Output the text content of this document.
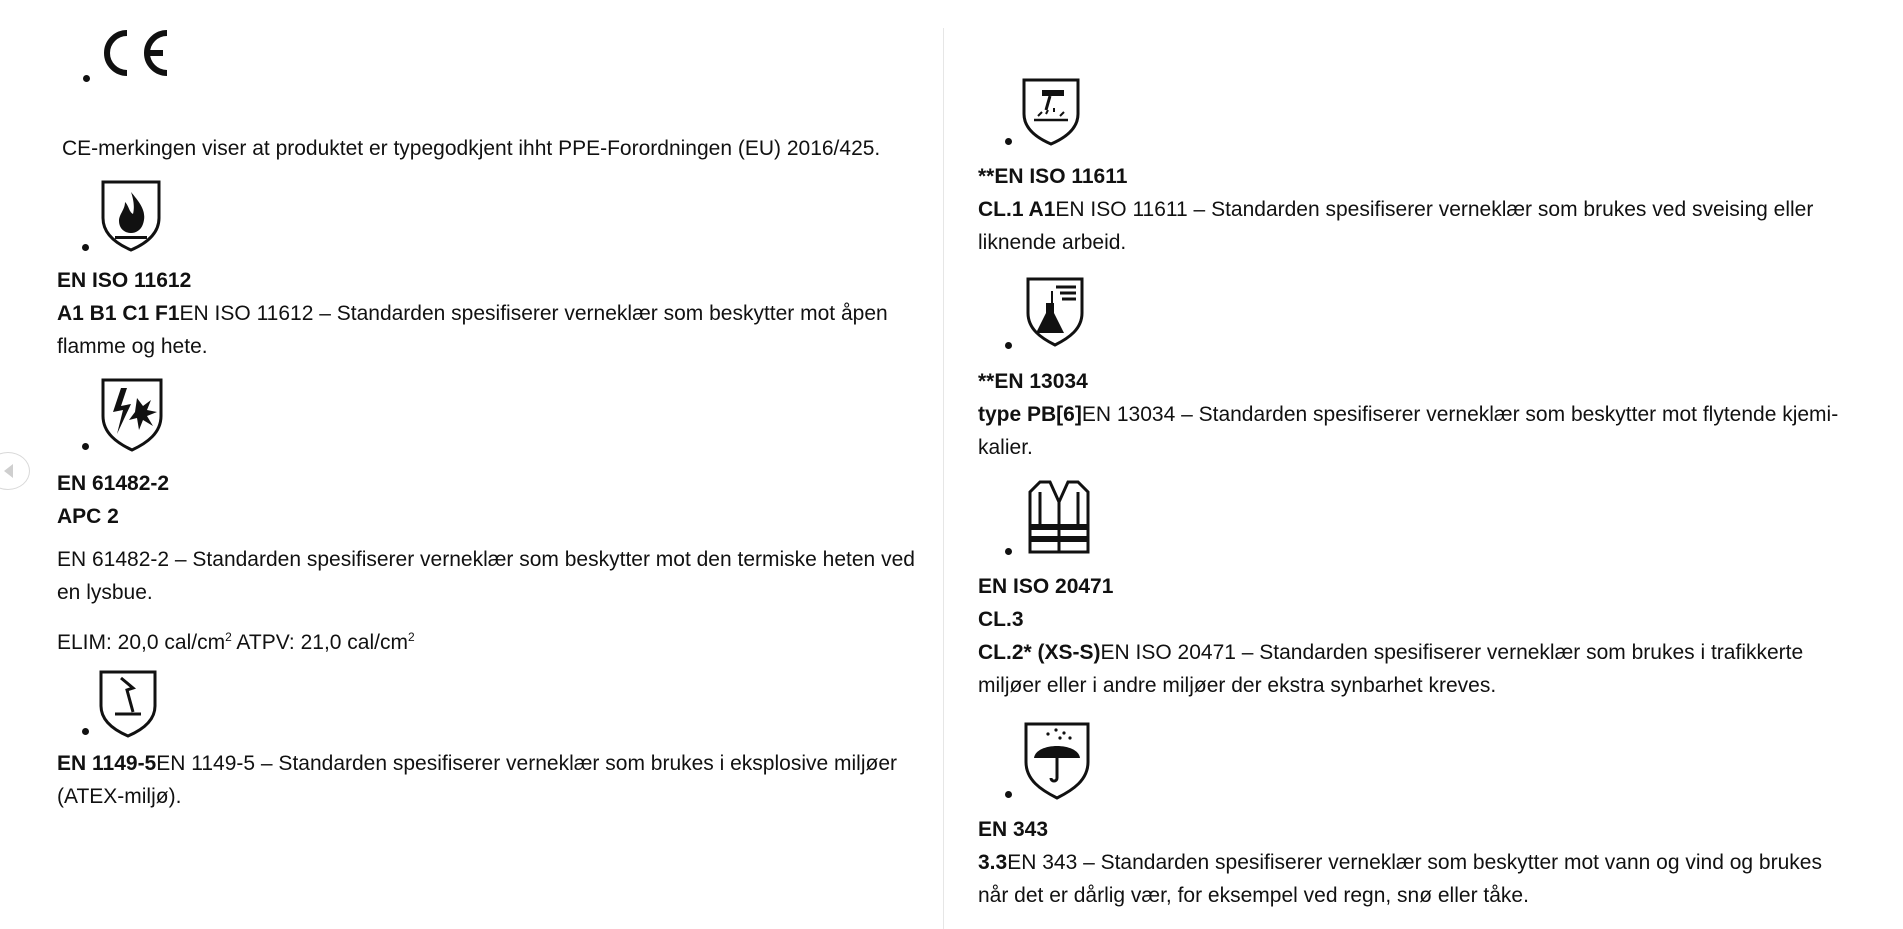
CE-merkingen viser at produktet er typegodkjent ihht PPE-Forordningen (EU) 2016/425.
EN ISO 11612

A1 B1 C1 F1EN ISO 11612 – Standarden spesifiserer verneklær som beskytter mot åpen flamme og hete.

EN 61482-2
APC 2

EN 61482-2 – Standarden spesifiserer verneklær som beskytter mot den termiske heten ved en lysbue.

ELIM: 20,0 cal/$cm^2$ ATPV: 21,0 cal/$cm^2$

EN 1149-5EN 1149-5 – Standarden spesifiserer verneklær som brukes i eksplosive miljøer (ATEX-miljø).

**EN ISO 11611

CL.1 A1EN ISO 11611 – Standarden spesifiserer verneklær som brukes ved sveising eller liknende arbeid.

**EN 13034

type PB[6]EN 13034 – Standarden spesifiserer verneklær som beskytter mot flytende kjemi-kalier.

EN ISO 20471
CL.3

CL.2* (XS-S)EN ISO 20471 – Standarden spesifiserer verneklær som brukes i trafikkerte miljøer eller i andre miljøer der ekstra synbarhet kreves.

EN 343

3.3EN 343 – Standarden spesifiserer verneklær som beskytter mot vann og vind og brukes når det er dårlig vær, for eksempel ved regn, snø eller tåke.
